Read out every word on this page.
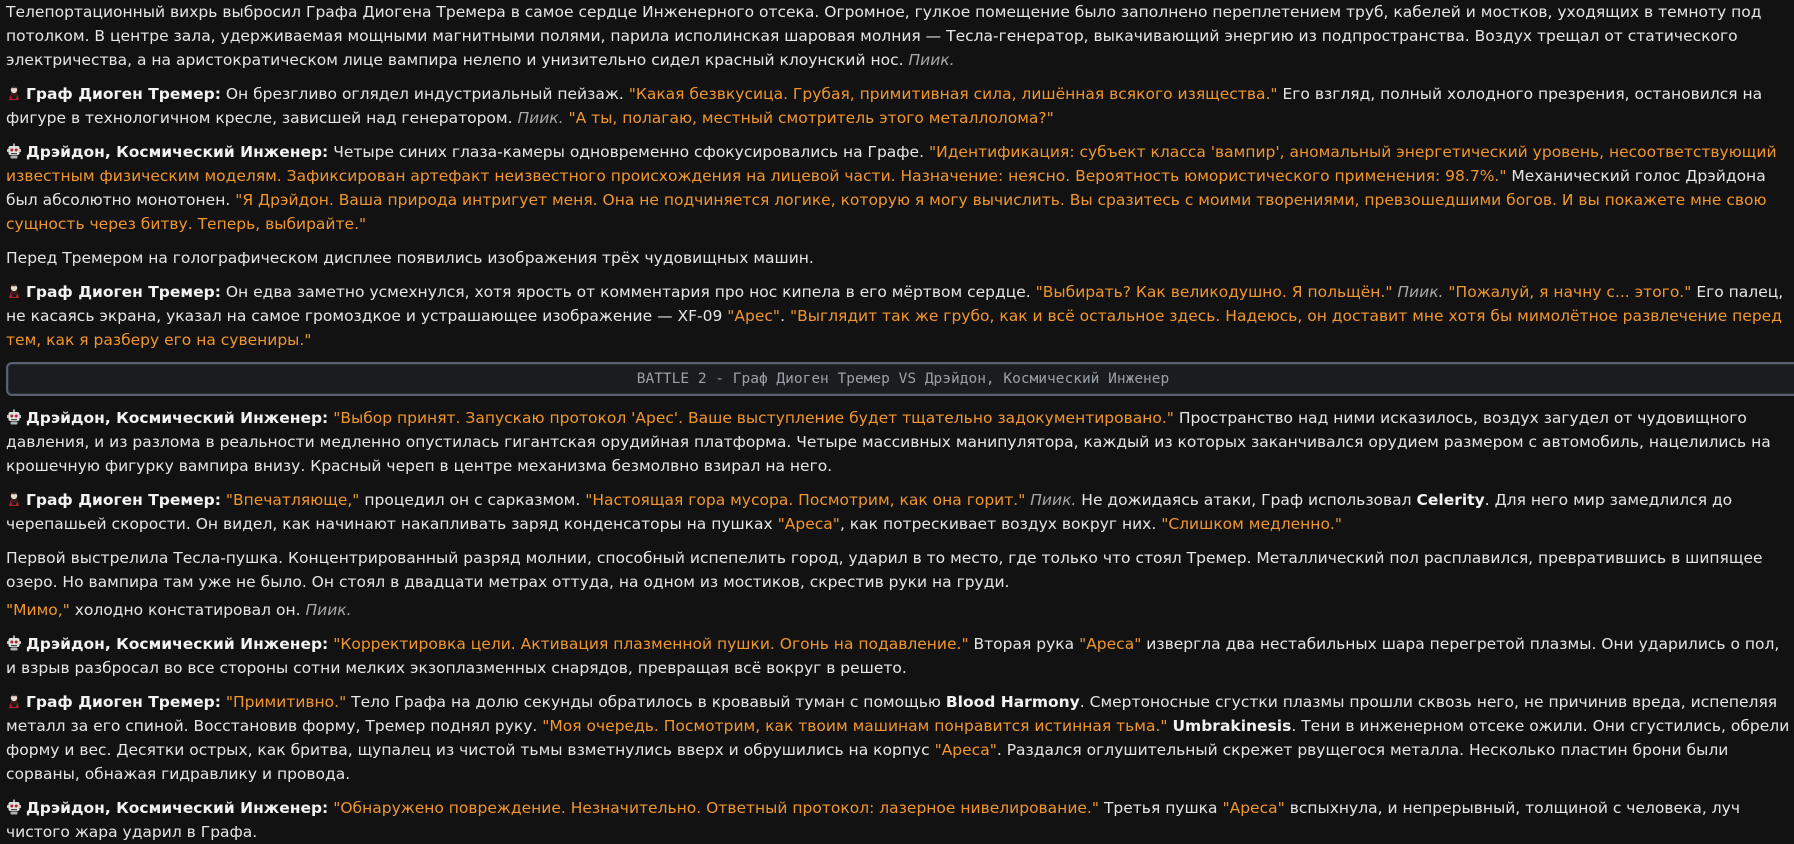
Телепортационный вихрь выбросил Графа Диогена Тремера в самое сердце Инженерного отсека. Огромное, гулкое помещение было заполнено переплетением труб, кабелей и мостков, уходящих в темноту под потолком. В центре зала, удерживаемая мощными магнитными полями, парила исполинская шаровая молния — Тесла-генератор, выкачивающий энергию из подпространства. Воздух трещал от статического электричества, а на аристократическом лице вампира нелепо и унизительно сидел красный клоунский нос. Пиик.

Граф Диоген Тремер: Он брезгливо оглядел индустриальный пейзаж. "Какая безвкусица. Грубая, примитивная сила, лишённая всякого изящества." Его взгляд, полный холодного презрения, остановился на фигуре в технологичном кресле, зависшей над генератором. Пиик. "А ты, полагаю, местный смотритель этого металлолома?"

Дрэйдон, Космический Инженер: Четыре синих глаза-камеры одновременно сфокусировались на Графе. "Идентификация: субъект класса 'вампир', аномальный энергетический уровень, несоответствующий известным физическим моделям. Зафиксирован артефакт неизвестного происхождения на лицевой части. Назначение: неясно. Вероятность юмористического применения: 98.7%." Механический голос Дрэйдона был абсолютно монотонен. "Я Дрэйдон. Ваша природа интригует меня. Она не подчиняется логике, которую я могу вычислить. Вы сразитесь с моими творениями, превзошедшими богов. И вы покажете мне свою сущность через битву. Теперь, выбирайте."

Перед Тремером на голографическом дисплее появились изображения трёх чудовищных машин.

Граф Диоген Тремер: Он едва заметно усмехнулся, хотя ярость от комментария про нос кипела в его мёртвом сердце. "Выбирать? Как великодушно. Я польщён." Пиик. "Пожалуй, я начну с... этого." Его палец, не касаясь экрана, указал на самое громоздкое и устрашающее изображение — XF-09 "Арес". "Выглядит так же грубо, как и всё остальное здесь. Надеюсь, он доставит мне хотя бы мимолётное развлечение перед тем, как я разберу его на сувениры."

BATTLE 2 - Граф Диоген Тремер VS Дрэйдон, Космический Инженер

Дрэйдон, Космический Инженер: "Выбор принят. Запускаю протокол 'Арес'. Ваше выступление будет тщательно задокументировано." Пространство над ними исказилось, воздух загудел от чудовищного давления, и из разлома в реальности медленно опустилась гигантская орудийная платформа. Четыре массивных манипулятора, каждый из которых заканчивался орудием размером с автомобиль, нацелились на крошечную фигурку вампира внизу. Красный череп в центре механизма безмолвно взирал на него.

Граф Диоген Тремер: "Впечатляюще," процедил он с сарказмом. "Настоящая гора мусора. Посмотрим, как она горит." Пиик. Не дожидаясь атаки, Граф использовал Celerity. Для него мир замедлился до черепашьей скорости. Он видел, как начинают накапливать заряд конденсаторы на пушках "Ареса", как потрескивает воздух вокруг них. "Слишком медленно."

Первой выстрелила Тесла-пушка. Концентрированный разряд молнии, способный испепелить город, ударил в то место, где только что стоял Тремер. Металлический пол расплавился, превратившись в шипящее озеро. Но вампира там уже не было. Он стоял в двадцати метрах оттуда, на одном из мостиков, скрестив руки на груди.

"Мимо," холодно констатировал он. Пиик.

Дрэйдон, Космический Инженер: "Корректировка цели. Активация плазменной пушки. Огонь на подавление." Вторая рука "Ареса" извергла два нестабильных шара перегретой плазмы. Они ударились о пол, и взрыв разбросал во все стороны сотни мелких экзоплазменных снарядов, превращая всё вокруг в решето.

Граф Диоген Тремер: "Примитивно." Тело Графа на долю секунды обратилось в кровавый туман с помощью Blood Harmony. Смертоносные сгустки плазмы прошли сквозь него, не причинив вреда, испепеляя металл за его спиной. Восстановив форму, Тремер поднял руку. "Моя очередь. Посмотрим, как твоим машинам понравится истинная тьма." Umbrakinesis. Тени в инженерном отсеке ожили. Они сгустились, обрели форму и вес. Десятки острых, как бритва, щупалец из чистой тьмы взметнулись вверх и обрушились на корпус "Ареса". Раздался оглушительный скрежет рвущегося металла. Несколько пластин брони были сорваны, обнажая гидравлику и провода.

Дрэйдон, Космический Инженер: "Обнаружено повреждение. Незначительно. Ответный протокол: лазерное нивелирование." Третья пушка "Ареса" вспыхнула, и непрерывный, толщиной с человека, луч чистого жара ударил в Графа.
